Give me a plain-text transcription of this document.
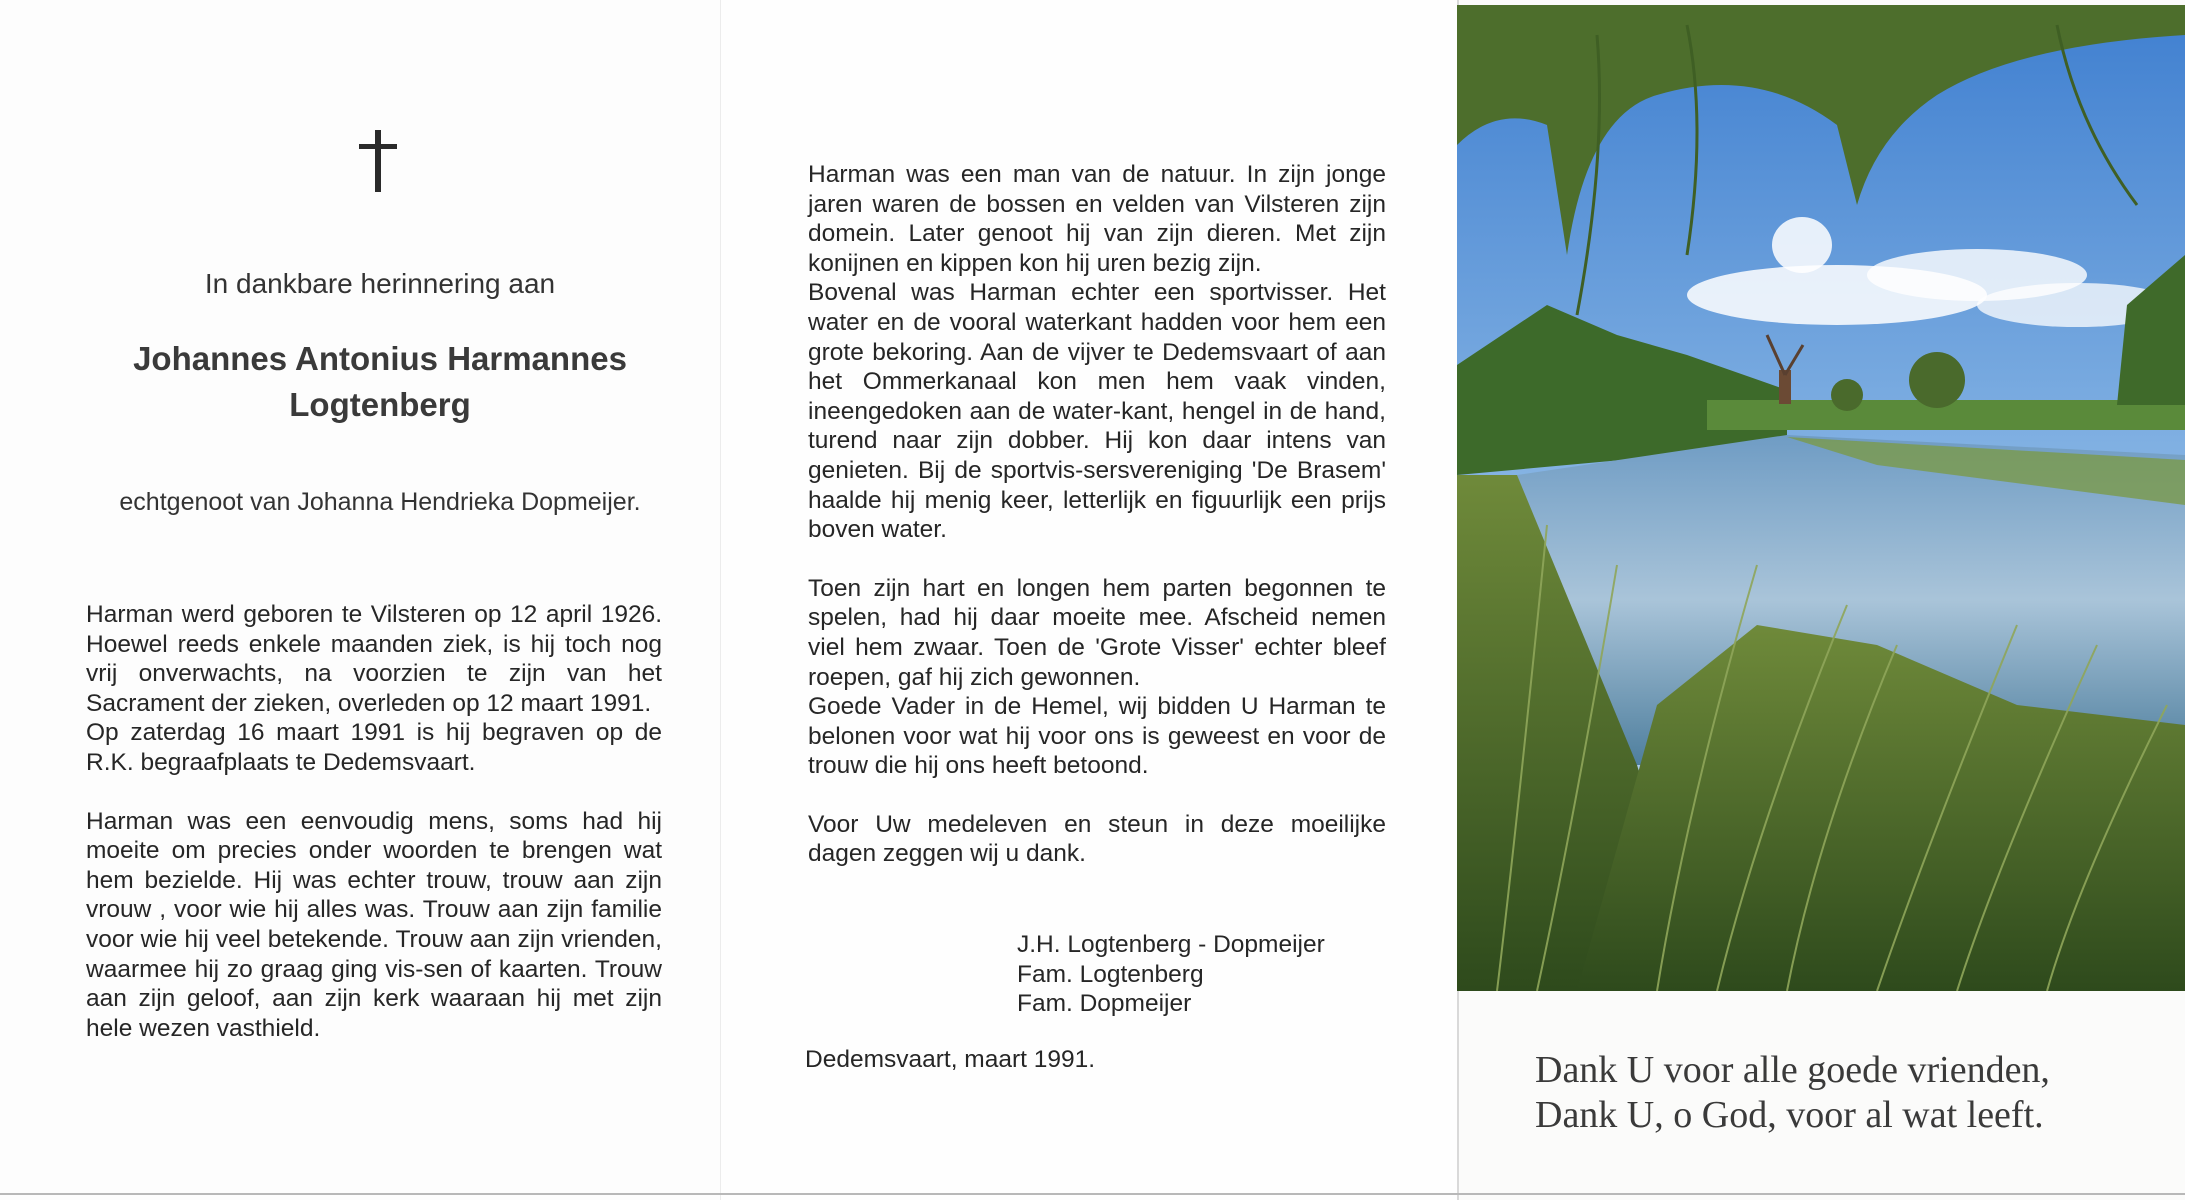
In dankbare herinnering aan
Johannes Antonius Harmannes
Logtenberg
echtgenoot van Johanna Hendrieka Dopmeijer.

Harman werd geboren te Vilsteren op 12 april 1926. Hoewel reeds enkele maanden ziek, is hij toch nog vrij onverwachts, na voorzien te zijn van het Sacrament der zieken, overleden op 12 maart 1991.

Op zaterdag 16 maart 1991 is hij begraven op de R.K. begraafplaats te Dedemsvaart.

Harman was een eenvoudig mens, soms had hij moeite om precies onder woorden te brengen wat hem bezielde. Hij was echter trouw, trouw aan zijn vrouw , voor wie hij alles was. Trouw aan zijn familie voor wie hij veel betekende. Trouw aan zijn vrienden, waarmee hij zo graag ging vis-sen of kaarten. Trouw aan zijn geloof, aan zijn kerk waaraan hij met zijn hele wezen vasthield.

Harman was een man van de natuur. In zijn jonge jaren waren de bossen en velden van Vilsteren zijn domein. Later genoot hij van zijn dieren. Met zijn konijnen en kippen kon hij uren bezig zijn.

Bovenal was Harman echter een sportvisser. Het water en de vooral waterkant hadden voor hem een grote bekoring. Aan de vijver te Dedemsvaart of aan het Ommerkanaal kon men hem vaak vinden, ineengedoken aan de water-kant, hengel in de hand, turend naar zijn dobber. Hij kon daar intens van genieten. Bij de sportvis-sersvereniging 'De Brasem' haalde hij menig keer, letterlijk en figuurlijk een prijs boven water.

Toen zijn hart en longen hem parten begonnen te spelen, had hij daar moeite mee. Afscheid nemen viel hem zwaar. Toen de 'Grote Visser' echter bleef roepen, gaf hij zich gewonnen.

Goede Vader in de Hemel, wij bidden U Harman te belonen voor wat hij voor ons is geweest en voor de trouw die hij ons heeft betoond.

Voor Uw medeleven en steun in deze moeilijke dagen zeggen wij u dank.

J.H. Logtenberg - Dopmeijer
Fam. Logtenberg
Fam. Dopmeijer
Dedemsvaart, maart 1991.	Dank U voor alle goede vrienden,
Dank U, o God, voor al wat leeft.
